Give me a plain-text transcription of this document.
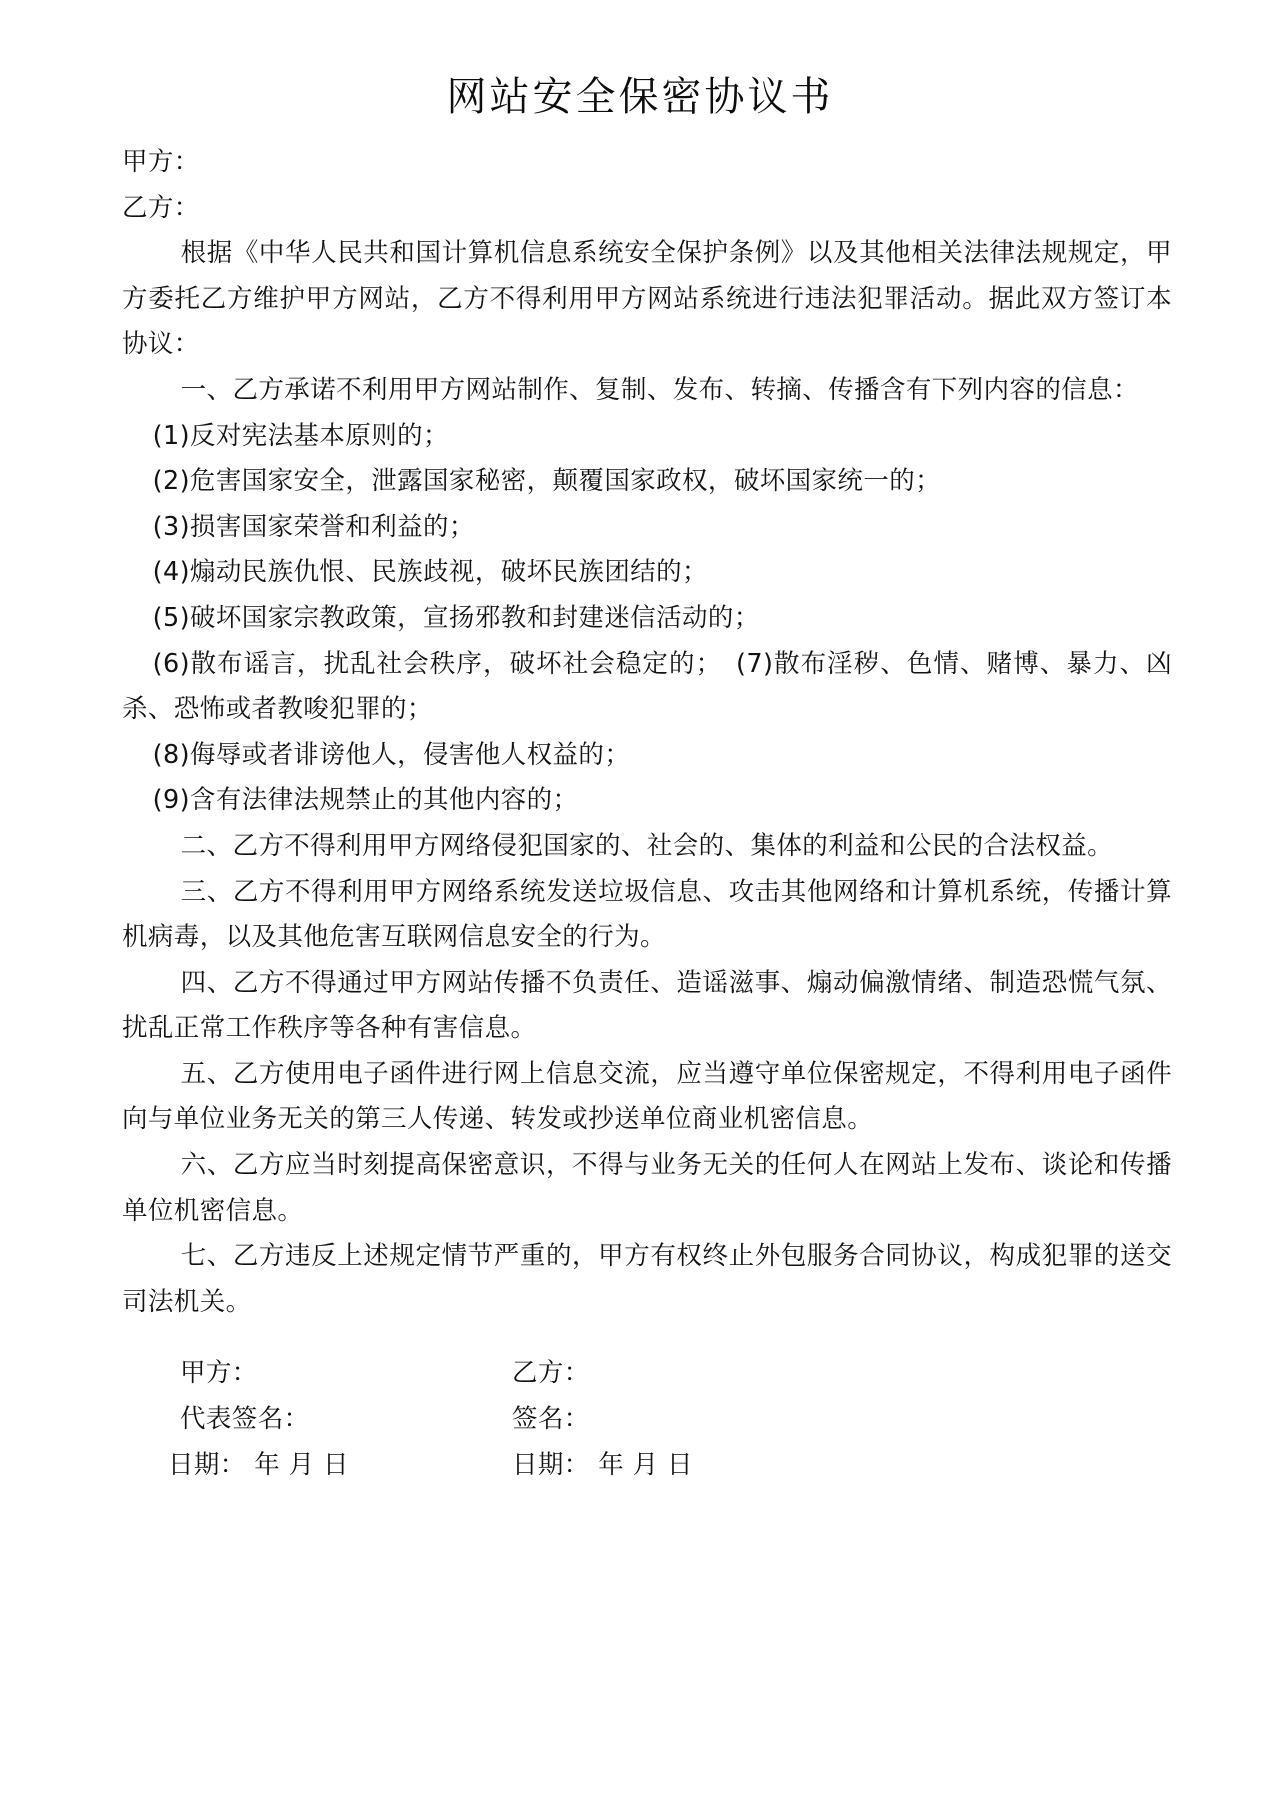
网站安全保密协议书

甲方：

乙方：

根据《中华人民共和国计算机信息系统安全保护条例》以及其他相关法律法规规定，甲方委托乙方维护甲方网站，乙方不得利用甲方网站系统进行违法犯罪活动。据此双方签订本协议：

一、乙方承诺不利用甲方网站制作、复制、发布、转摘、传播含有下列内容的信息：

(1)反对宪法基本原则的；

(2)危害国家安全，泄露国家秘密，颠覆国家政权，破坏国家统一的；

(3)损害国家荣誉和利益的；

(4)煽动民族仇恨、民族歧视，破坏民族团结的；

(5)破坏国家宗教政策，宣扬邪教和封建迷信活动的；

(6)散布谣言，扰乱社会秩序，破坏社会稳定的；　(7)散布淫秽、色情、赌博、暴力、凶杀、恐怖或者教唆犯罪的；

(8)侮辱或者诽谤他人，侵害他人权益的；

(9)含有法律法规禁止的其他内容的；

二、乙方不得利用甲方网络侵犯国家的、社会的、集体的利益和公民的合法权益。

三、乙方不得利用甲方网络系统发送垃圾信息、攻击其他网络和计算机系统，传播计算机病毒，以及其他危害互联网信息安全的行为。

四、乙方不得通过甲方网站传播不负责任、造谣滋事、煽动偏激情绪、制造恐慌气氛、扰乱正常工作秩序等各种有害信息。

五、乙方使用电子函件进行网上信息交流，应当遵守单位保密规定，不得利用电子函件向与单位业务无关的第三人传递、转发或抄送单位商业机密信息。

六、乙方应当时刻提高保密意识，不得与业务无关的任何人在网站上发布、谈论和传播单位机密信息。

七、乙方违反上述规定情节严重的，甲方有权终止外包服务合同协议，构成犯罪的送交司法机关。

甲方：	乙方：
代表签名：	签名：
日期： 年 月 日	日期： 年 月 日
